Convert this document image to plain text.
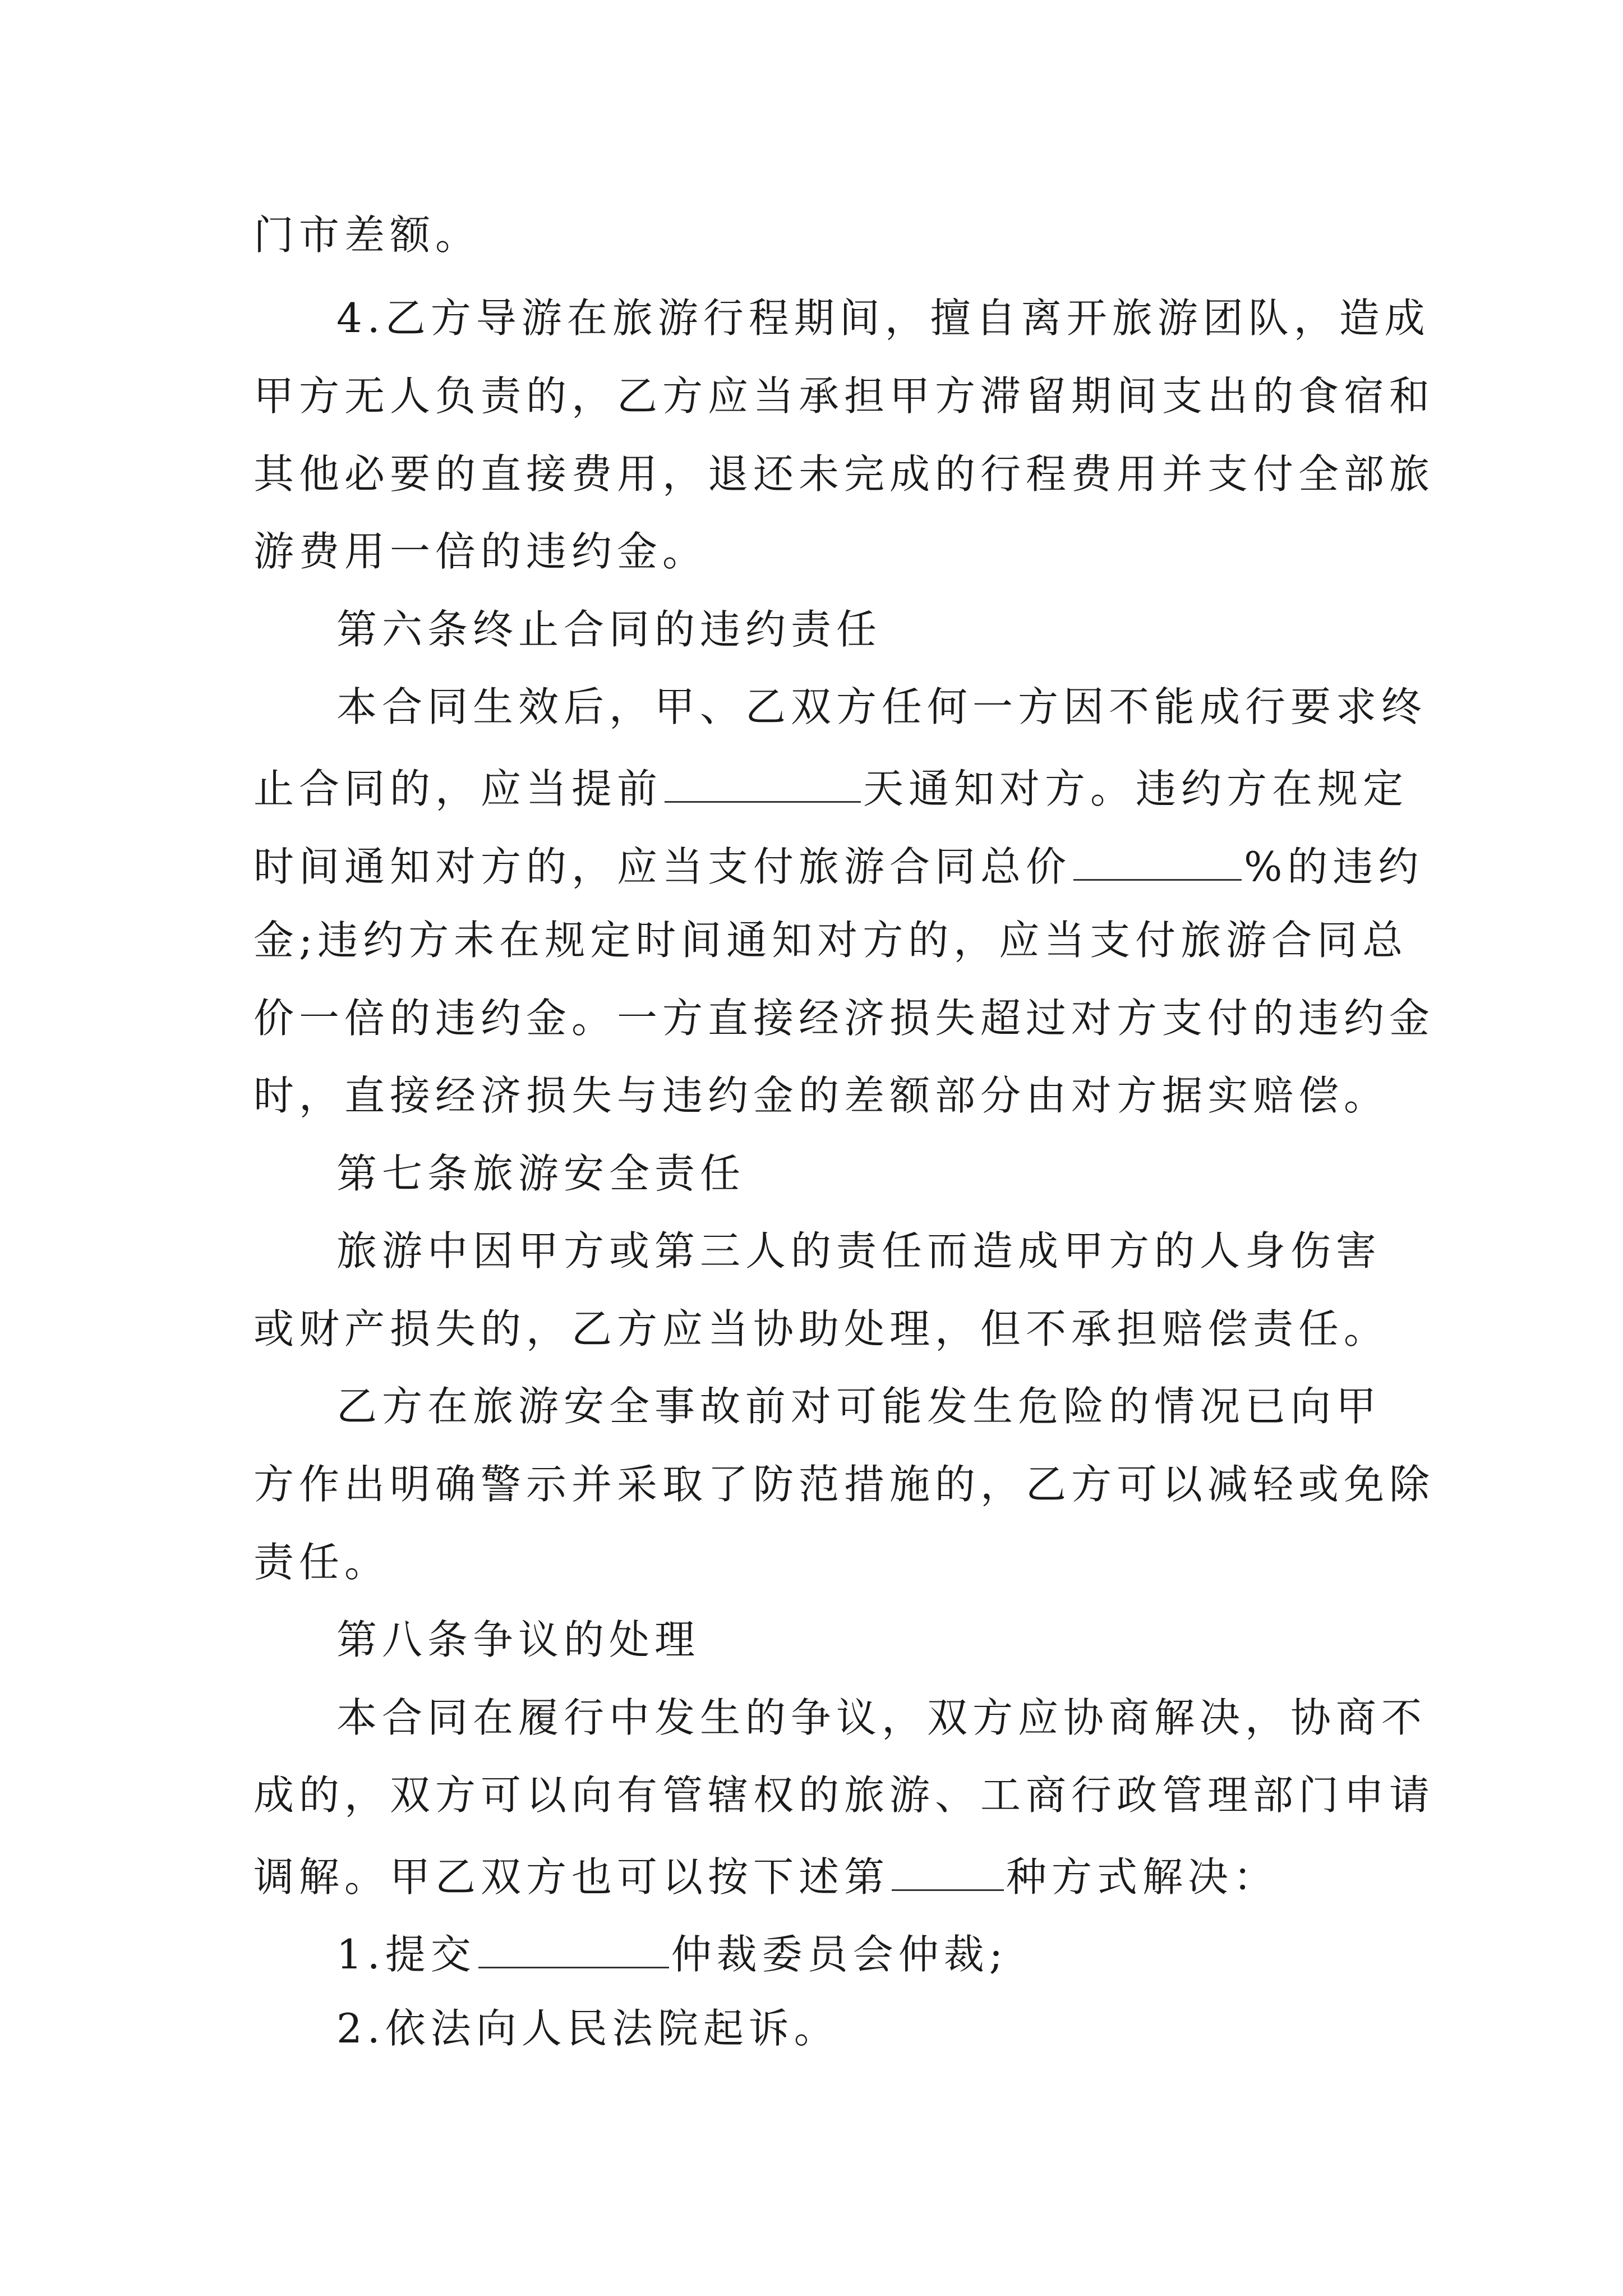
门市差额。
4.乙方导游在旅游行程期间，擅自离开旅游团队，造成
甲方无人负责的，乙方应当承担甲方滞留期间支出的食宿和
其他必要的直接费用，退还未完成的行程费用并支付全部旅
游费用一倍的违约金。
第六条终止合同的违约责任
本合同生效后，甲、乙双方任何一方因不能成行要求终
止合同的，应当提前	天通知对方。违约方在规定
时间通知对方的，应当支付旅游合同总价	%的违约
金;违约方未在规定时间通知对方的，应当支付旅游合同总
价一倍的违约金。一方直接经济损失超过对方支付的违约金
时，直接经济损失与违约金的差额部分由对方据实赔偿。
第七条旅游安全责任
旅游中因甲方或第三人的责任而造成甲方的人身伤害
或财产损失的，乙方应当协助处理，但不承担赔偿责任。
乙方在旅游安全事故前对可能发生危险的情况已向甲
方作出明确警示并采取了防范措施的，乙方可以减轻或免除
责任。
第八条争议的处理
本合同在履行中发生的争议，双方应协商解决，协商不
成的，双方可以向有管辖权的旅游、工商行政管理部门申请
调解。甲乙双方也可以按下述第	种方式解决：
1.提交	仲裁委员会仲裁;
2.依法向人民法院起诉。
